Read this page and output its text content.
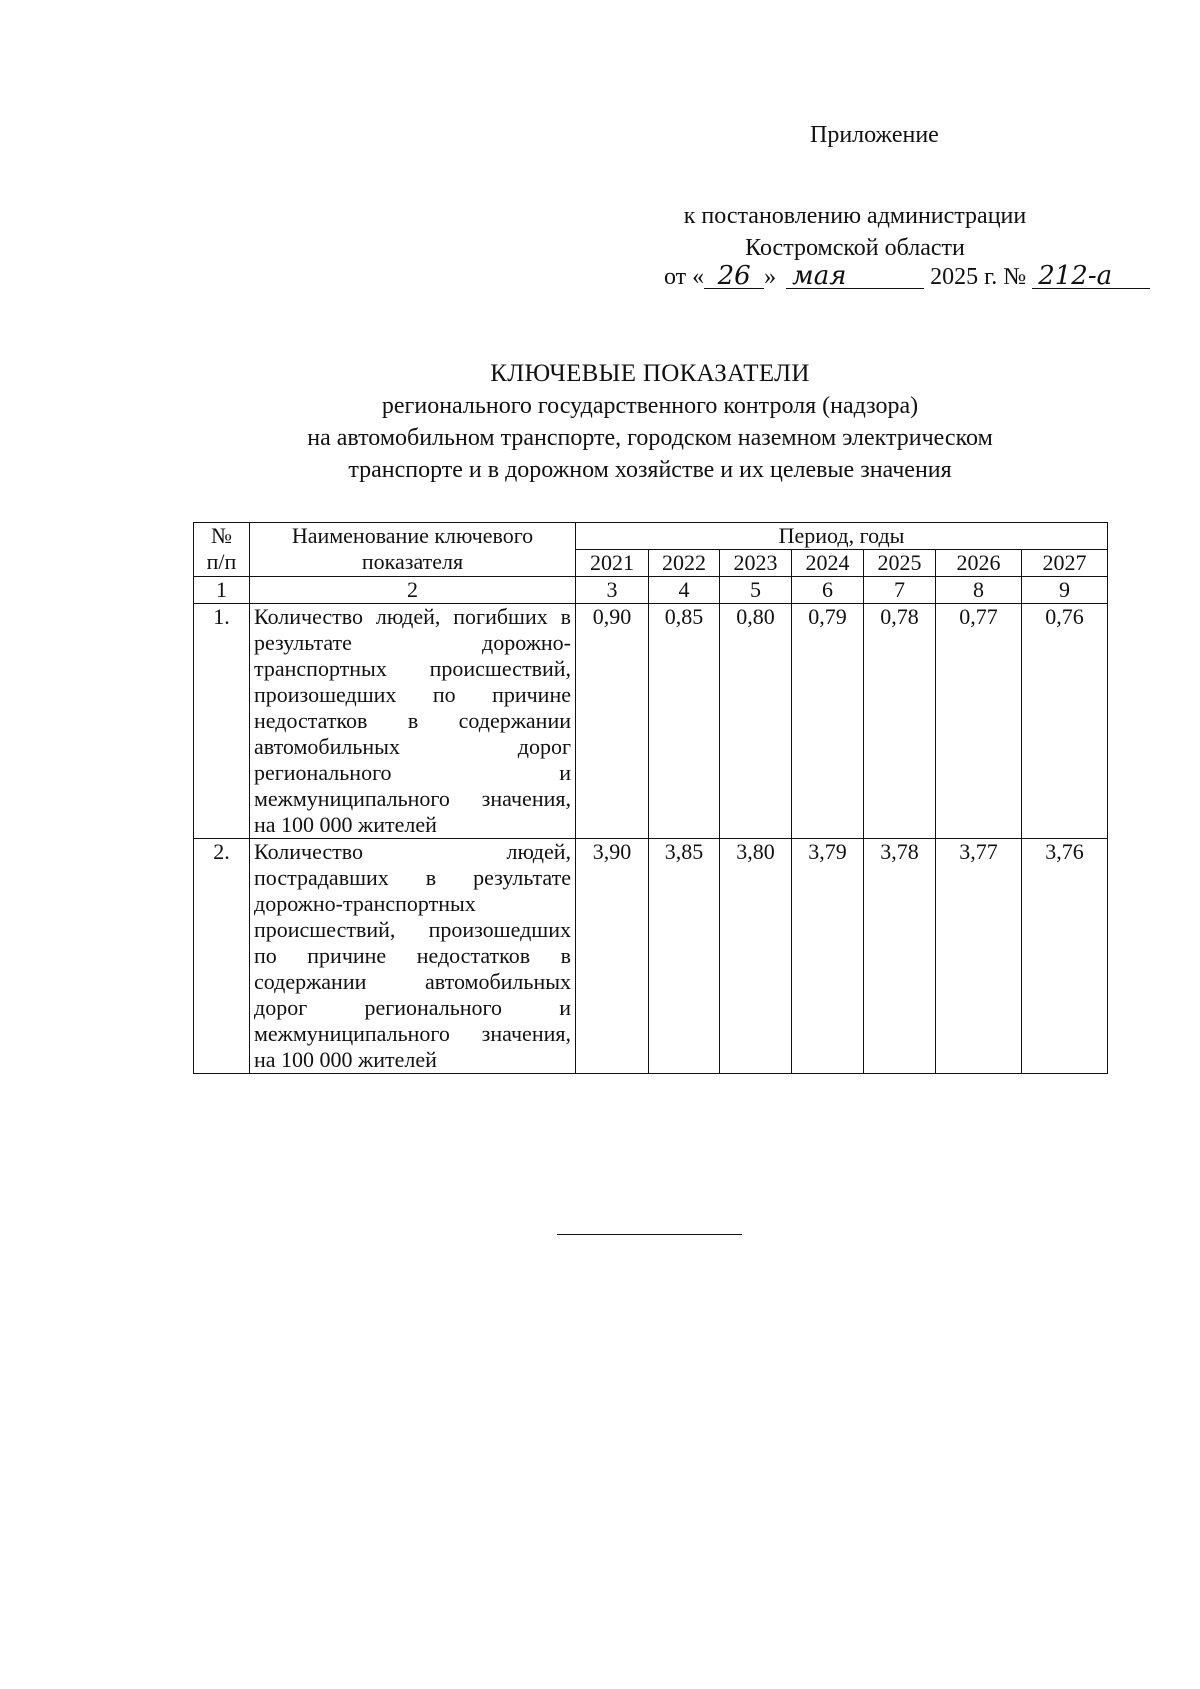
Приложение
к постановлению администрации
Костромской области
от « 26 » мая	2025 г. № 212-а
КЛЮЧЕВЫЕ ПОКАЗАТЕЛИ
регионального государственного контроля (надзора)
на автомобильном транспорте, городском наземном электрическом
транспорте и в дорожном хозяйстве и их целевые значения
№
п/п	Наименование ключевого показателя	Период, годы						
		2021	2022	2023	2024	2025	2026	2027
1	2	3	4	5	6	7	8	9
1.	Количество людей, погибших в результате дорожно-транспортных происшествий, произошедших по причине недостатков в содержании автомобильных дорог регионального и межмуниципального значения, на 100 000 жителей	0,90	0,85	0,80	0,79	0,78	0,77	0,76
2.	Количество людей, пострадавших в результате дорожно-транспортных происшествий, произошедших по причине недостатков в содержании автомобильных дорог регионального и межмуниципального значения, на 100 000 жителей	3,90	3,85	3,80	3,79	3,78	3,77	3,76
